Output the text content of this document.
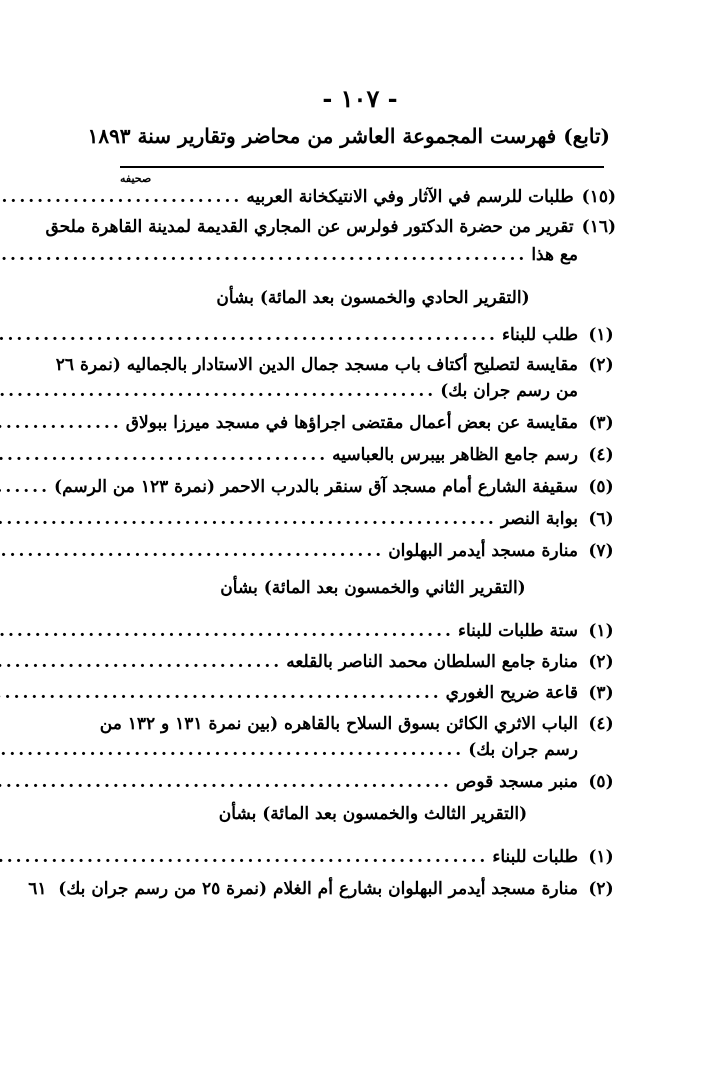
- ١٠٧ -
(تابع) فهرست المجموعة العاشر من محاضر وتقارير سنة ١٨٩٣
صحيفه
(١٥)
طلبات للرسم في الآثار وفي الانتيكخانة العربيه
.....
(١٦)
تقرير من حضرة الدكتور فولرس عن المجاري القديمة لمدينة القاهرة ملحق
مع هذا
.....
(التقرير الحادي والخمسون بعد المائة) بشأن
(١)
طلب للبناء
.....
(٢)
مقايسة لتصليح أكتاف باب مسجد جمال الدين الاستادار بالجماليه (نمرة ٢٦
من رسم جران بك)
.....
(٣)
مقايسة عن بعض أعمال مقتضى اجراؤها في مسجد ميرزا ببولاق
.....
(٤)
رسم جامع الظاهر بيبرس بالعباسيه
.....
(٥)
سقيفة الشارع أمام مسجد آق سنقر بالدرب الاحمر (نمرة ١٢٣ من الرسم)
.....
(٦)
بوابة النصر
.....
(٧)
منارة مسجد أيدمر البهلوان
.....
(التقرير الثاني والخمسون بعد المائة) بشأن
(١)
ستة طلبات للبناء
.....
(٢)
منارة جامع السلطان محمد الناصر بالقلعه
.....
(٣)
قاعة ضريح الغوري
.....
(٤)
الباب الاثري الكائن بسوق السلاح بالقاهره (بين نمرة ١٣١ و ١٣٢ من
رسم جران بك)
.....
(٥)
منبر مسجد قوص
.....
(التقرير الثالث والخمسون بعد المائة) بشأن
(١)
طلبات للبناء
.....
(٢)
منارة مسجد أيدمر البهلوان بشارع أم الغلام (نمرة ٢٥ من رسم جران بك)
٦١
